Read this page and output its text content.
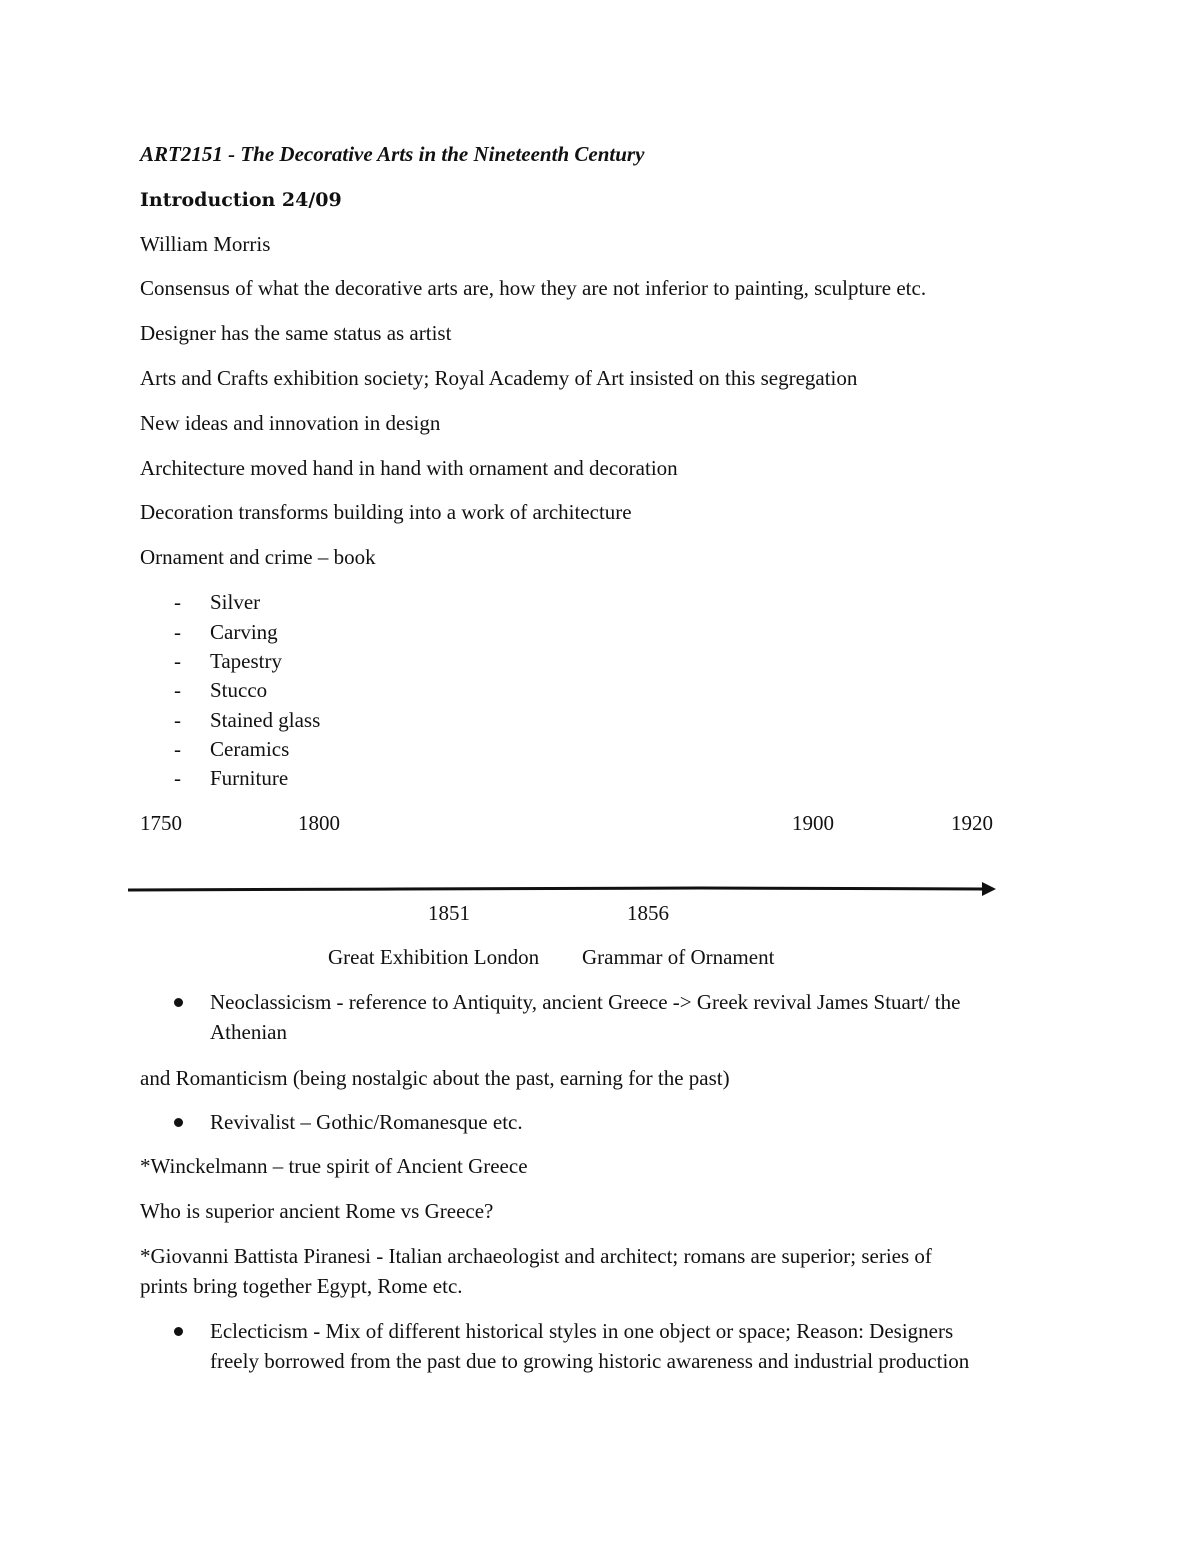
ART2151 - The Decorative Arts in the Nineteenth Century
Introduction 24/09
William Morris
Consensus of what the decorative arts are, how they are not inferior to painting, sculpture etc.
Designer has the same status as artist
Arts and Crafts exhibition society; Royal Academy of Art insisted on this segregation
New ideas and innovation in design
Architecture moved hand in hand with ornament and decoration
Decoration transforms building into a work of architecture
Ornament and crime – book
- Silver
- Carving
- Tapestry
- Stucco
- Stained glass
- Ceramics
- Furniture
1750	1800	1900	1920
1851	1856
Great Exhibition London Grammar of Ornament
Neoclassicism - reference to Antiquity, ancient Greece -> Greek revival James Stuart/ the
Athenian
and Romanticism (being nostalgic about the past, earning for the past)
Revivalist – Gothic/Romanesque etc.
*Winckelmann – true spirit of Ancient Greece
Who is superior ancient Rome vs Greece?
*Giovanni Battista Piranesi - Italian archaeologist and architect; romans are superior; series of
prints bring together Egypt, Rome etc.
Eclecticism - Mix of different historical styles in one object or space; Reason: Designers
freely borrowed from the past due to growing historic awareness and industrial production
